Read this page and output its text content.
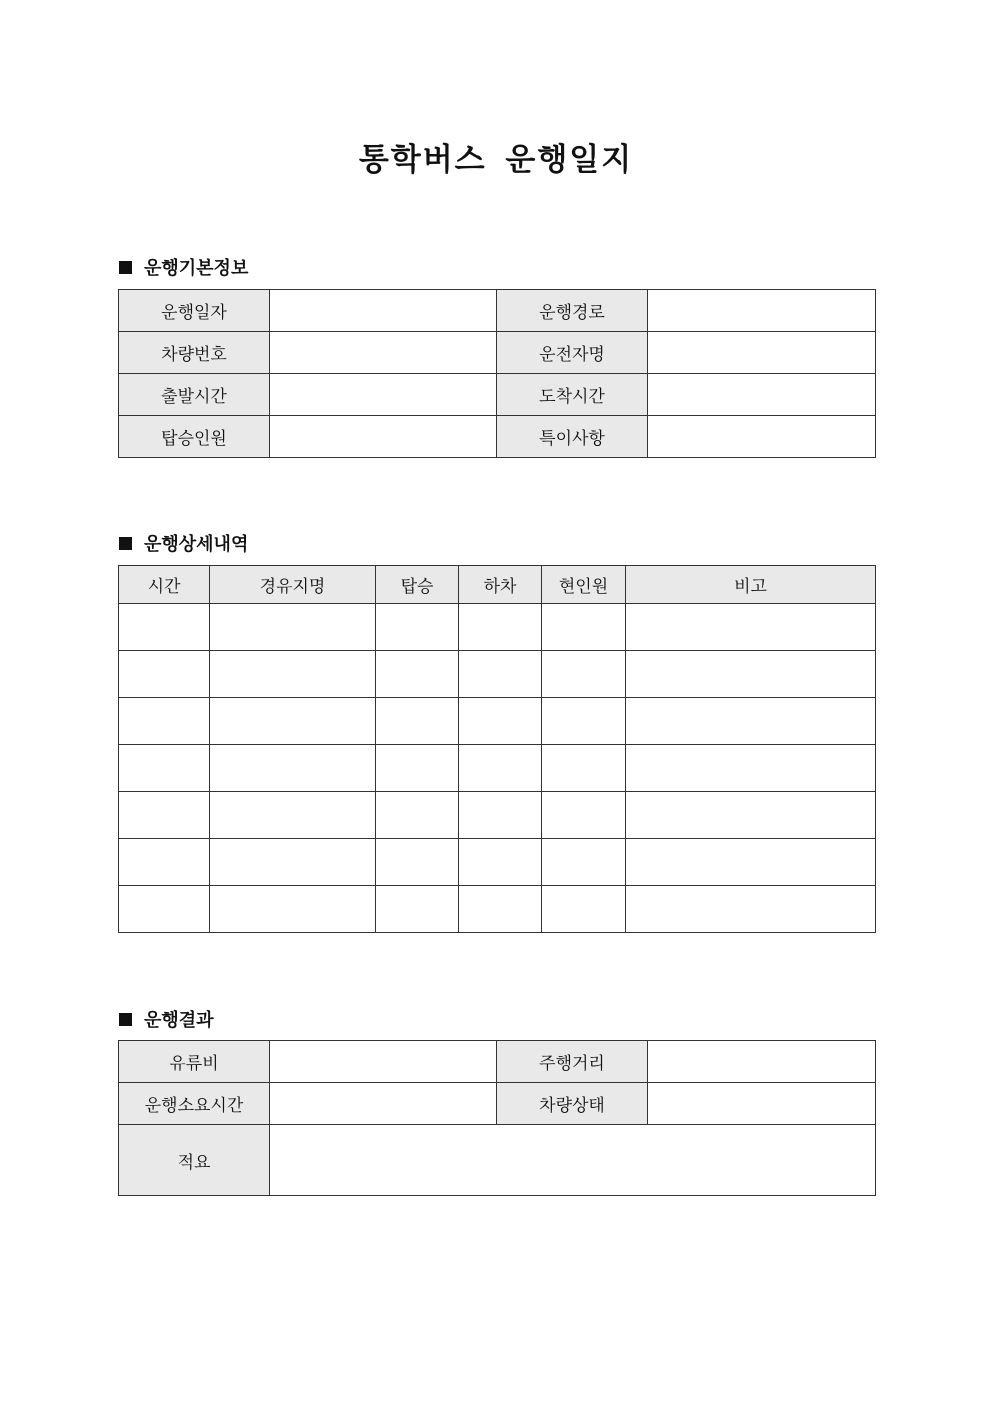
통학버스 운행일지
운행기본정보
운행일자		운행경로	
차량번호		운전자명	
출발시간		도착시간	
탑승인원		특이사항	
운행상세내역
시간	경유지명	탑승	하차	현인원	비고

운행결과
유류비		주행거리	
운행소요시간		차량상태	
적요			
